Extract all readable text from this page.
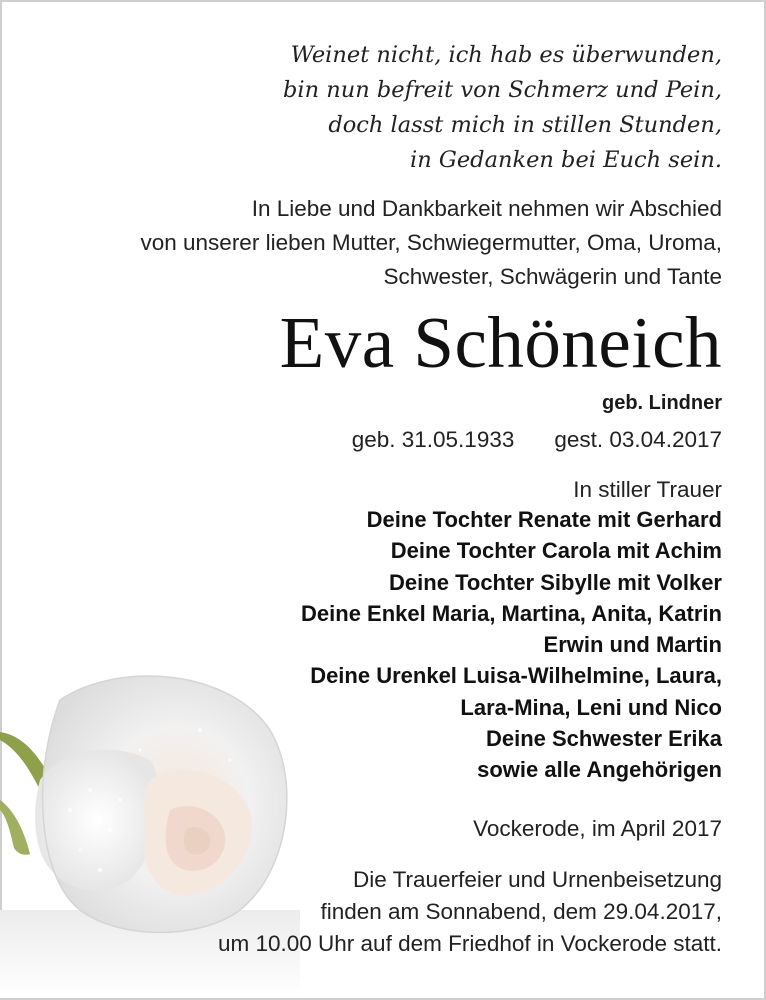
Weinet nicht, ich hab es überwunden,
bin nun befreit von Schmerz und Pein,
doch lasst mich in stillen Stunden,
in Gedanken bei Euch sein.
In Liebe und Dankbarkeit nehmen wir Abschied
von unserer lieben Mutter, Schwiegermutter, Oma, Uroma,
Schwester, Schwägerin und Tante
Eva Schöneich
geb. Lindner
geb. 31.05.1933 gest. 03.04.2017
In stiller Trauer
Deine Tochter Renate mit Gerhard
Deine Tochter Carola mit Achim
Deine Tochter Sibylle mit Volker
Deine Enkel Maria, Martina, Anita, Katrin
Erwin und Martin
Deine Urenkel Luisa-Wilhelmine, Laura,
Lara-Mina, Leni und Nico
Deine Schwester Erika
sowie alle Angehörigen
Vockerode, im April 2017
Die Trauerfeier und Urnenbeisetzung
finden am Sonnabend, dem 29.04.2017,
um 10.00 Uhr auf dem Friedhof in Vockerode statt.
